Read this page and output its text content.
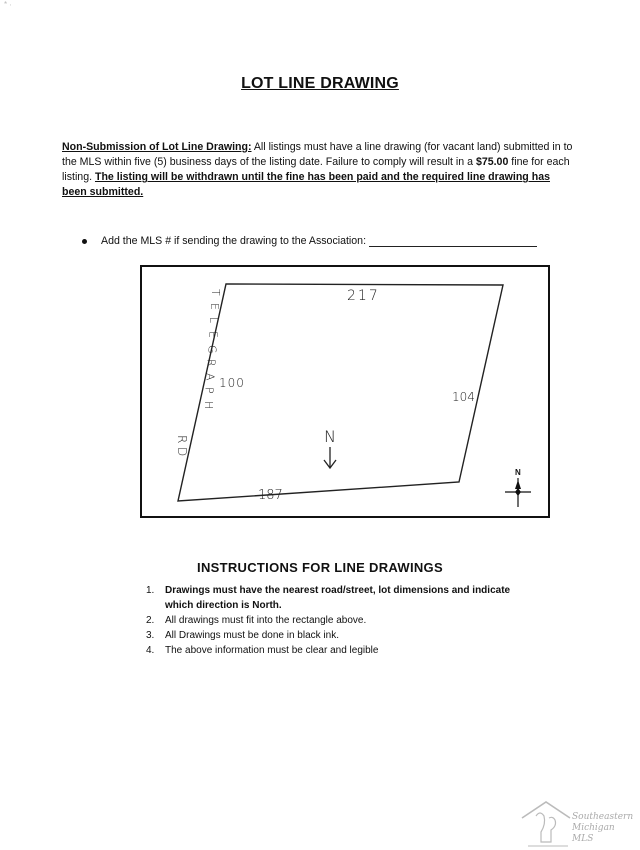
* ∙
LOT LINE DRAWING
Non-Submission of Lot Line Drawing: All listings must have a line drawing (for vacant land) submitted in to the MLS within five (5) business days of the listing date. Failure to comply will result in a $75.00 fine for each listing. The listing will be withdrawn until the fine has been paid and the required line drawing has been submitted.
Add the MLS # if sending the drawing to the Association:
T
E
L
E
G
R
A
P
H
R
D
217
100
104
187
N
N
INSTRUCTIONS FOR LINE DRAWINGS
1.	Drawings must have the nearest road/street, lot dimensions and indicate which direction is North.
2.	All drawings must fit into the rectangle above.
3.	All Drawings must be done in black ink.
4.	The above information must be clear and legible
Southeastern
Michigan
MLS
